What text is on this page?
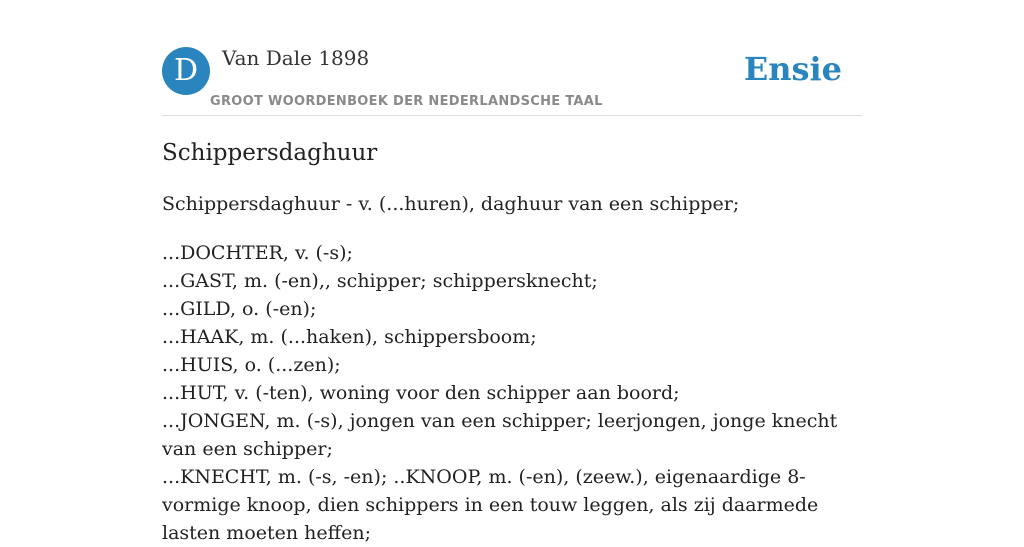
D	Van Dale 1898
GROOT WOORDENBOEK DER NEDERLANDSCHE TAAL
Ensie
Schippersdaghuur

Schippersdaghuur - v. (...huren), daghuur van een schipper;

...DOCHTER, v. (-s);
...GAST, m. (-en),, schipper; schippersknecht;
...GILD, o. (-en);
...HAAK, m. (...haken), schippersboom;
...HUIS, o. (...zen);
...HUT, v. (-ten), woning voor den schipper aan boord;
...JONGEN, m. (-s), jongen van een schipper; leerjongen, jonge knecht van een schipper;
...KNECHT, m. (-s, -en); ..KNOOP, m. (-en), (zeew.), eigenaardige 8-vormige knoop, dien schippers in een touw leggen, als zij daarmede lasten moeten heffen;
